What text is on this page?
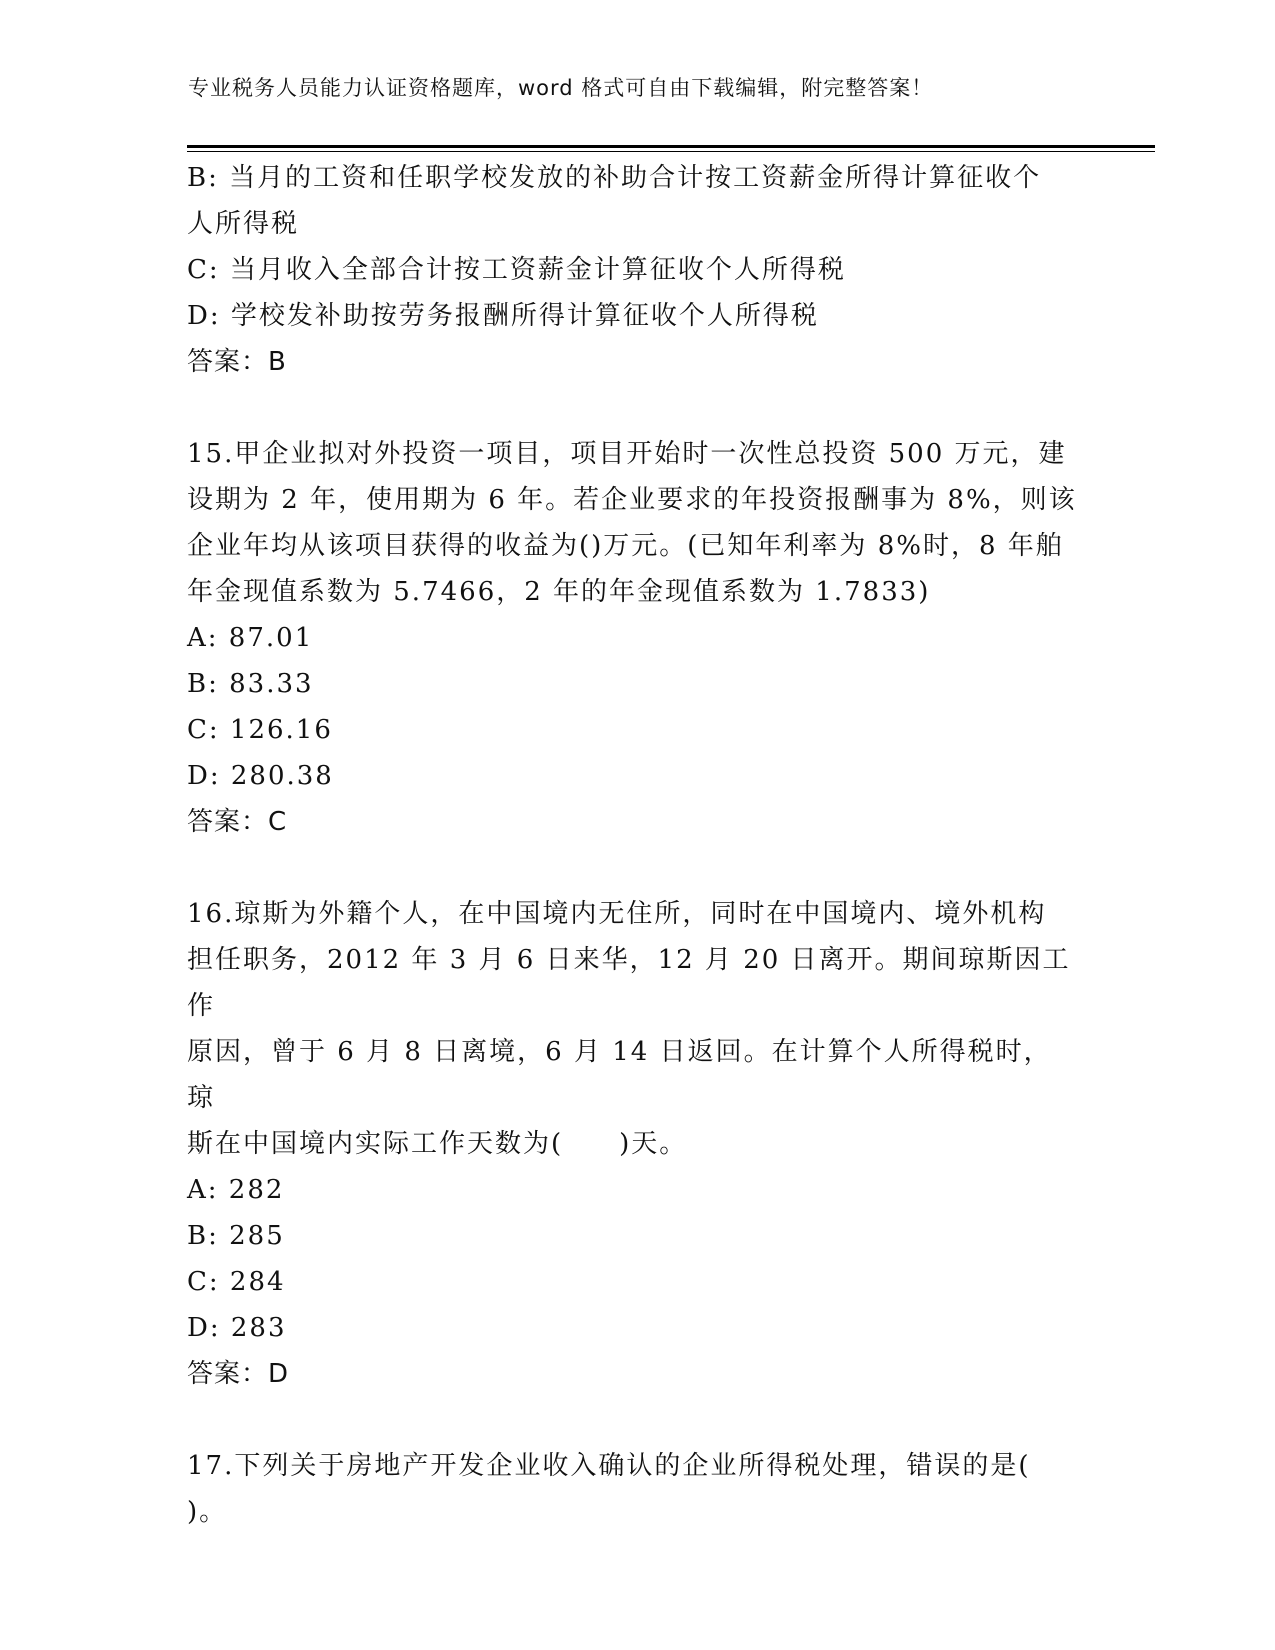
专业税务人员能力认证资格题库，word 格式可自由下载编辑，附完整答案！

B: 当月的工资和任职学校发放的补助合计按工资薪金所得计算征收个

人所得税

C: 当月收入全部合计按工资薪金计算征收个人所得税

D: 学校发补助按劳务报酬所得计算征收个人所得税

答案：B

15.甲企业拟对外投资一项目，项目开始时一次性总投资 500 万元，建

设期为 2 年，使用期为 6 年。若企业要求的年投资报酬事为 8%，则该

企业年均从该项目获得的收益为()万元。(已知年利率为 8%时，8 年舶

年金现值系数为 5.7466，2 年的年金现值系数为 1.7833)

A: 87.01

B: 83.33

C: 126.16

D: 280.38

答案：C

16.琼斯为外籍个人，在中国境内无住所，同时在中国境内、境外机构

担任职务，2012 年 3 月 6 日来华，12 月 20 日离开。期间琼斯因工作

原因，曾于 6 月 8 日离境，6 月 14 日返回。在计算个人所得税时，琼

斯在中国境内实际工作天数为(　　)天。

A: 282

B: 285

C: 284

D: 283

答案：D

17.下列关于房地产开发企业收入确认的企业所得税处理，错误的是(

)。
